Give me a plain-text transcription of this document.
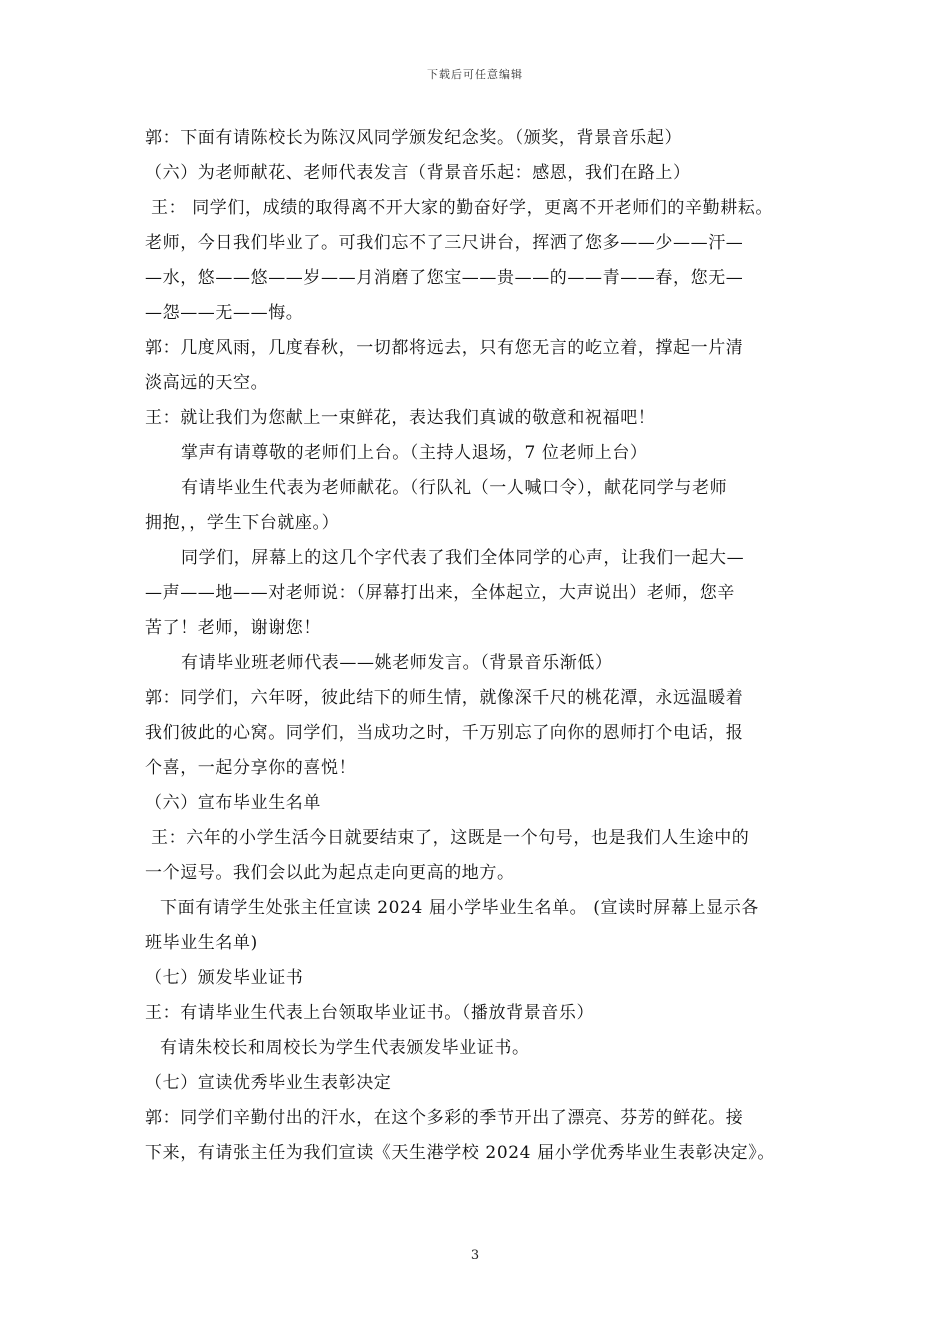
下载后可任意编辑
郭：下面有请陈校长为陈汉风同学颁发纪念奖。（颁奖，背景音乐起）
（六）为老师献花、老师代表发言（背景音乐起：感恩，我们在路上）
王： 同学们，成绩的取得离不开大家的勤奋好学，更离不开老师们的辛勤耕耘。
老师，今日我们毕业了。可我们忘不了三尺讲台，挥洒了您多——少——汗—
—水，悠——悠——岁——月消磨了您宝——贵——的——青——春，您无—
—怨——无——悔。
郭：几度风雨，几度春秋，一切都将远去，只有您无言的屹立着，撑起一片清
淡高远的天空。
王：就让我们为您献上一束鲜花，表达我们真诚的敬意和祝福吧！
掌声有请尊敬的老师们上台。（主持人退场，7 位老师上台）
有请毕业生代表为老师献花。（行队礼（一人喊口令），献花同学与老师
拥抱，，学生下台就座。）
同学们，屏幕上的这几个字代表了我们全体同学的心声，让我们一起大—
—声——地——对老师说：（屏幕打出来，全体起立，大声说出）老师，您辛
苦了！老师，谢谢您！
有请毕业班老师代表——姚老师发言。（背景音乐渐低）
郭：同学们，六年呀，彼此结下的师生情，就像深千尺的桃花潭，永远温暖着
我们彼此的心窝。同学们，当成功之时，千万别忘了向你的恩师打个电话，报
个喜，一起分享你的喜悦！
（六）宣布毕业生名单
王：六年的小学生活今日就要结束了，这既是一个句号，也是我们人生途中的
一个逗号。我们会以此为起点走向更高的地方。
下面有请学生处张主任宣读 2024 届小学毕业生名单。 (宣读时屏幕上显示各
班毕业生名单)
（七）颁发毕业证书
王：有请毕业生代表上台领取毕业证书。（播放背景音乐）
有请朱校长和周校长为学生代表颁发毕业证书。
（七）宣读优秀毕业生表彰决定
郭：同学们辛勤付出的汗水，在这个多彩的季节开出了漂亮、芬芳的鲜花。接
下来，有请张主任为我们宣读《天生港学校 2024 届小学优秀毕业生表彰决定》。
3
